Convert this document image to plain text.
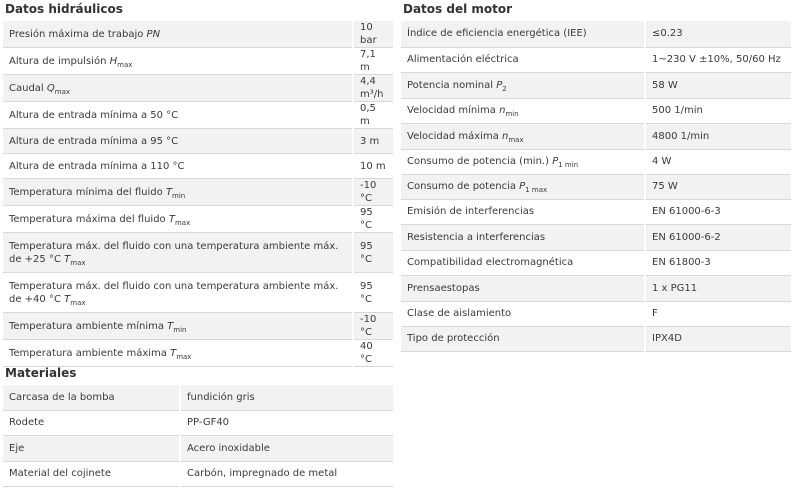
Datos hidráulicos
Presión máxima de trabajo PN	10 bar
Altura de impulsión $H_{max}$	7,1 m
Caudal $Q_{max}$	4,4 m³/h
Altura de entrada mínima a 50 °C	0,5 m
Altura de entrada mínima a 95 °C	3 m
Altura de entrada mínima a 110 °C	10 m
Temperatura mínima del fluido $T_{min}$	-10 °C
Temperatura máxima del fluido $T_{max}$	95 °C
Temperatura máx. del fluido con una temperatura ambiente máx. de +25 °C $T_{max}$	95 °C
Temperatura máx. del fluido con una temperatura ambiente máx. de +40 °C $T_{max}$	95 °C
Temperatura ambiente mínima $T_{min}$	-10 °C
Temperatura ambiente máxima $T_{max}$	40 °C
Datos del motor
Índice de eficiencia energética (IEE)	≤0.23
Alimentación eléctrica	1~230 V ±10%, 50/60 Hz
Potencia nominal $P_2$	58 W
Velocidad mínima $n_{min}$	500 1/min
Velocidad máxima $n_{max}$	4800 1/min
Consumo de potencia (min.) $P_{1 min}$	4 W
Consumo de potencia $P_{1 max}$	75 W
Emisión de interferencias	EN 61000-6-3
Resistencia a interferencias	EN 61000-6-2
Compatibilidad electromagnética	EN 61800-3
Prensaestopas	1 x PG11
Clase de aislamiento	F
Tipo de protección	IPX4D
Materiales
Carcasa de la bomba	fundición gris
Rodete	PP-GF40
Eje	Acero inoxidable
Material del cojinete	Carbón, impregnado de metal
